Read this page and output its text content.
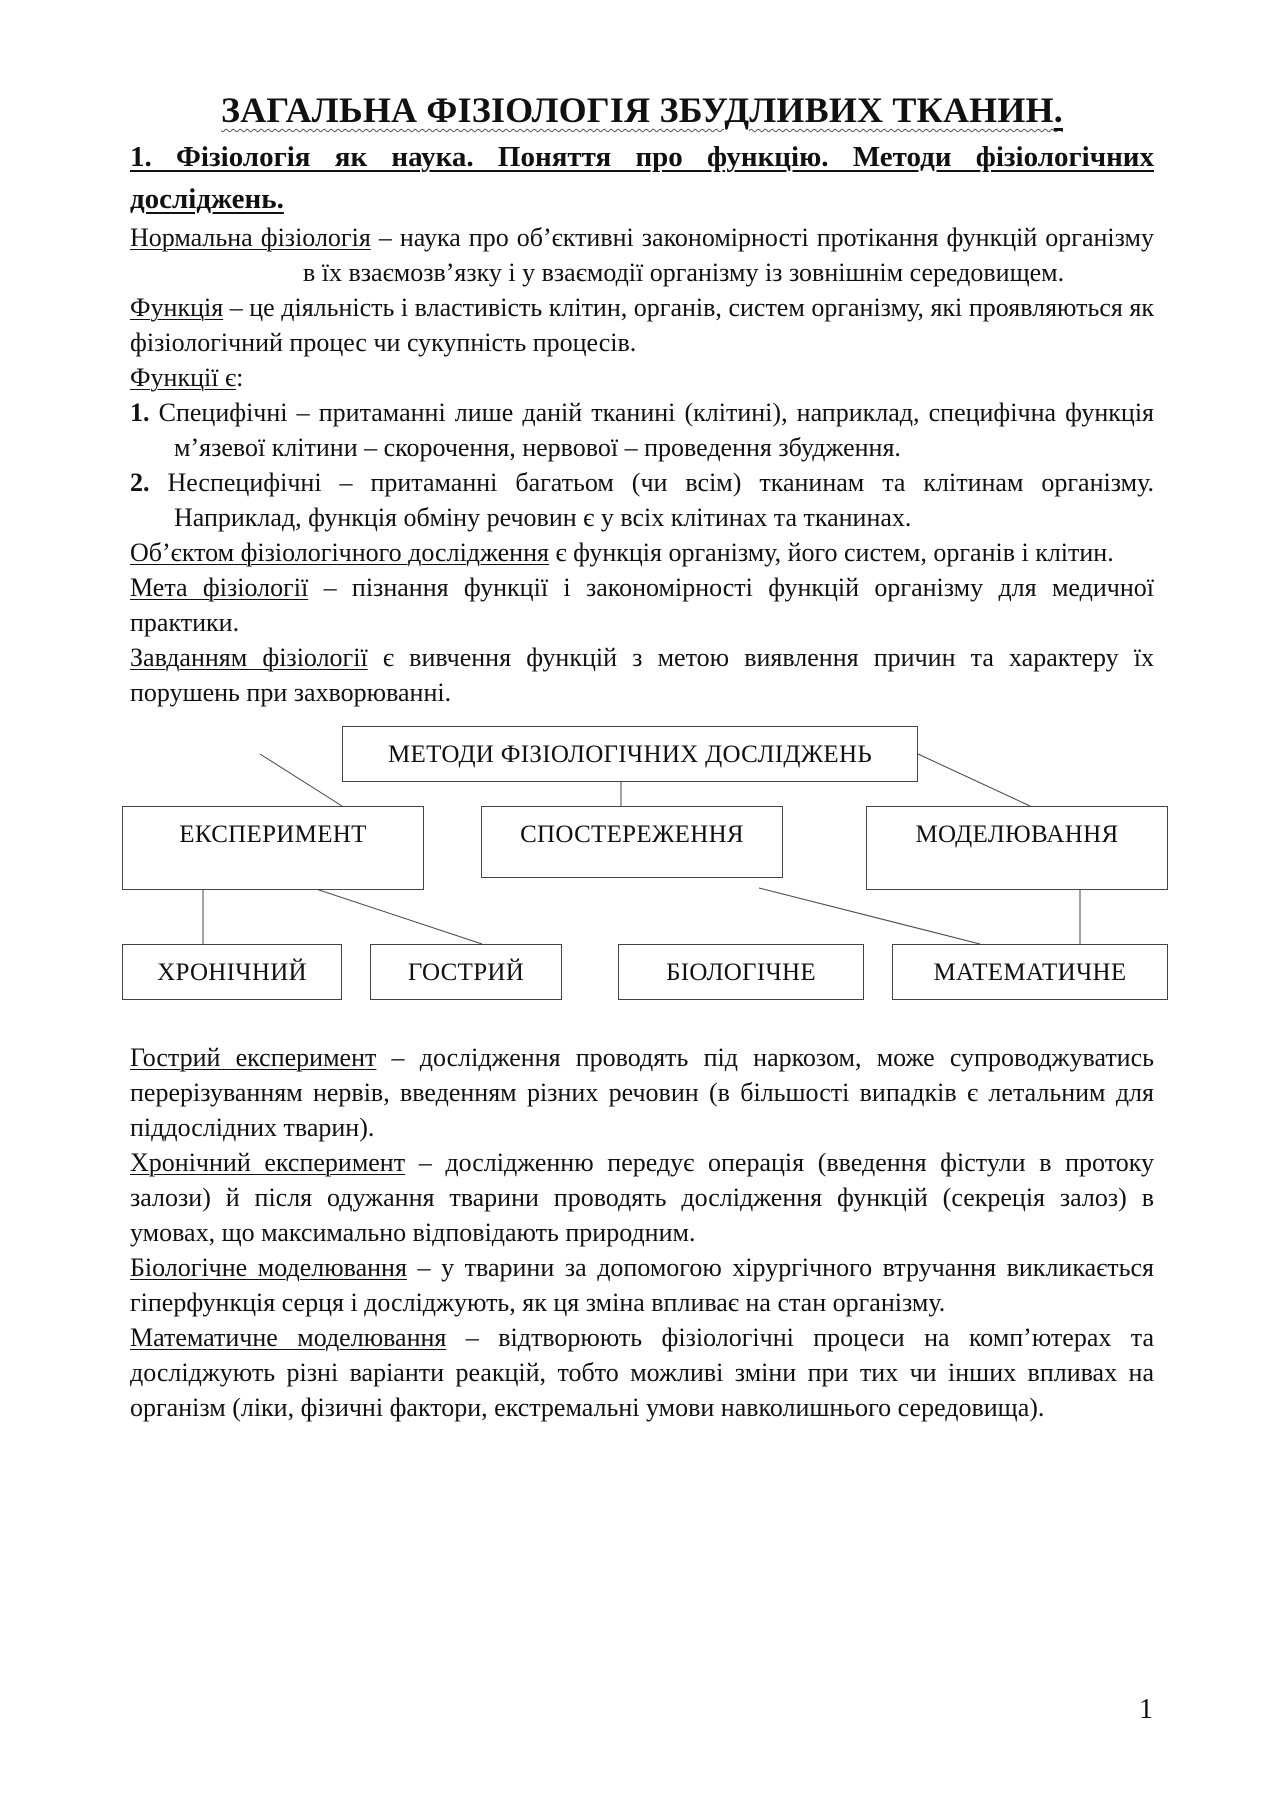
ЗАГАЛЬНА ФІЗІОЛОГІЯ ЗБУДЛИВИХ ТКАНИН.
1. Фізіологія як наука. Поняття про функцію. Методи фізіологічних досліджень.

Нормальна фізіологія – наука про об’єктивні закономірності протікання функцій організму в їх взаємозв’язку і у взаємодії організму із зовнішнім середовищем.

Функція – це діяльність і властивість клітин, органів, систем організму, які проявляються як фізіологічний процес чи сукупність процесів.

Функції є:

1. Специфічні – притаманні лише даній тканині (клітині), наприклад, специфічна функція м’язевої клітини – скорочення, нервової – проведення збудження.

2. Неспецифічні – притаманні багатьом (чи всім) тканинам та клітинам організму. Наприклад, функція обміну речовин є у всіх клітинах та тканинах.

Об’єктом фізіологічного дослідження є функція організму, його систем, органів і клітин.

Мета фізіології – пізнання функції і закономірності функцій організму для медичної практики.

Завданням фізіології є вивчення функцій з метою виявлення причин та характеру їх порушень при захворюванні.

МЕТОДИ ФІЗІОЛОГІЧНИХ ДОСЛІДЖЕНЬ
ЕКСПЕРИМЕНТ	СПОСТЕРЕЖЕННЯ	МОДЕЛЮВАННЯ
ХРОНІЧНИЙ	ГОСТРИЙ	БІОЛОГІЧНЕ	МАТЕМАТИЧНЕ

Гострий експеримент – дослідження проводять під наркозом, може супроводжуватись перерізуванням нервів, введенням різних речовин (в більшості випадків є летальним для піддослідних тварин).

Хронічний експеримент – дослідженню передує операція (введення фістули в протоку залози) й після одужання тварини проводять дослідження функцій (секреція залоз) в умовах, що максимально відповідають природним.

Біологічне моделювання – у тварини за допомогою хірургічного втручання викликається гіперфункція серця і досліджують, як ця зміна впливає на стан організму.

Математичне моделювання – відтворюють фізіологічні процеси на комп’ютерах та досліджують різні варіанти реакцій, тобто можливі зміни при тих чи інших впливах на організм (ліки, фізичні фактори, екстремальні умови навколишнього середовища).

1
